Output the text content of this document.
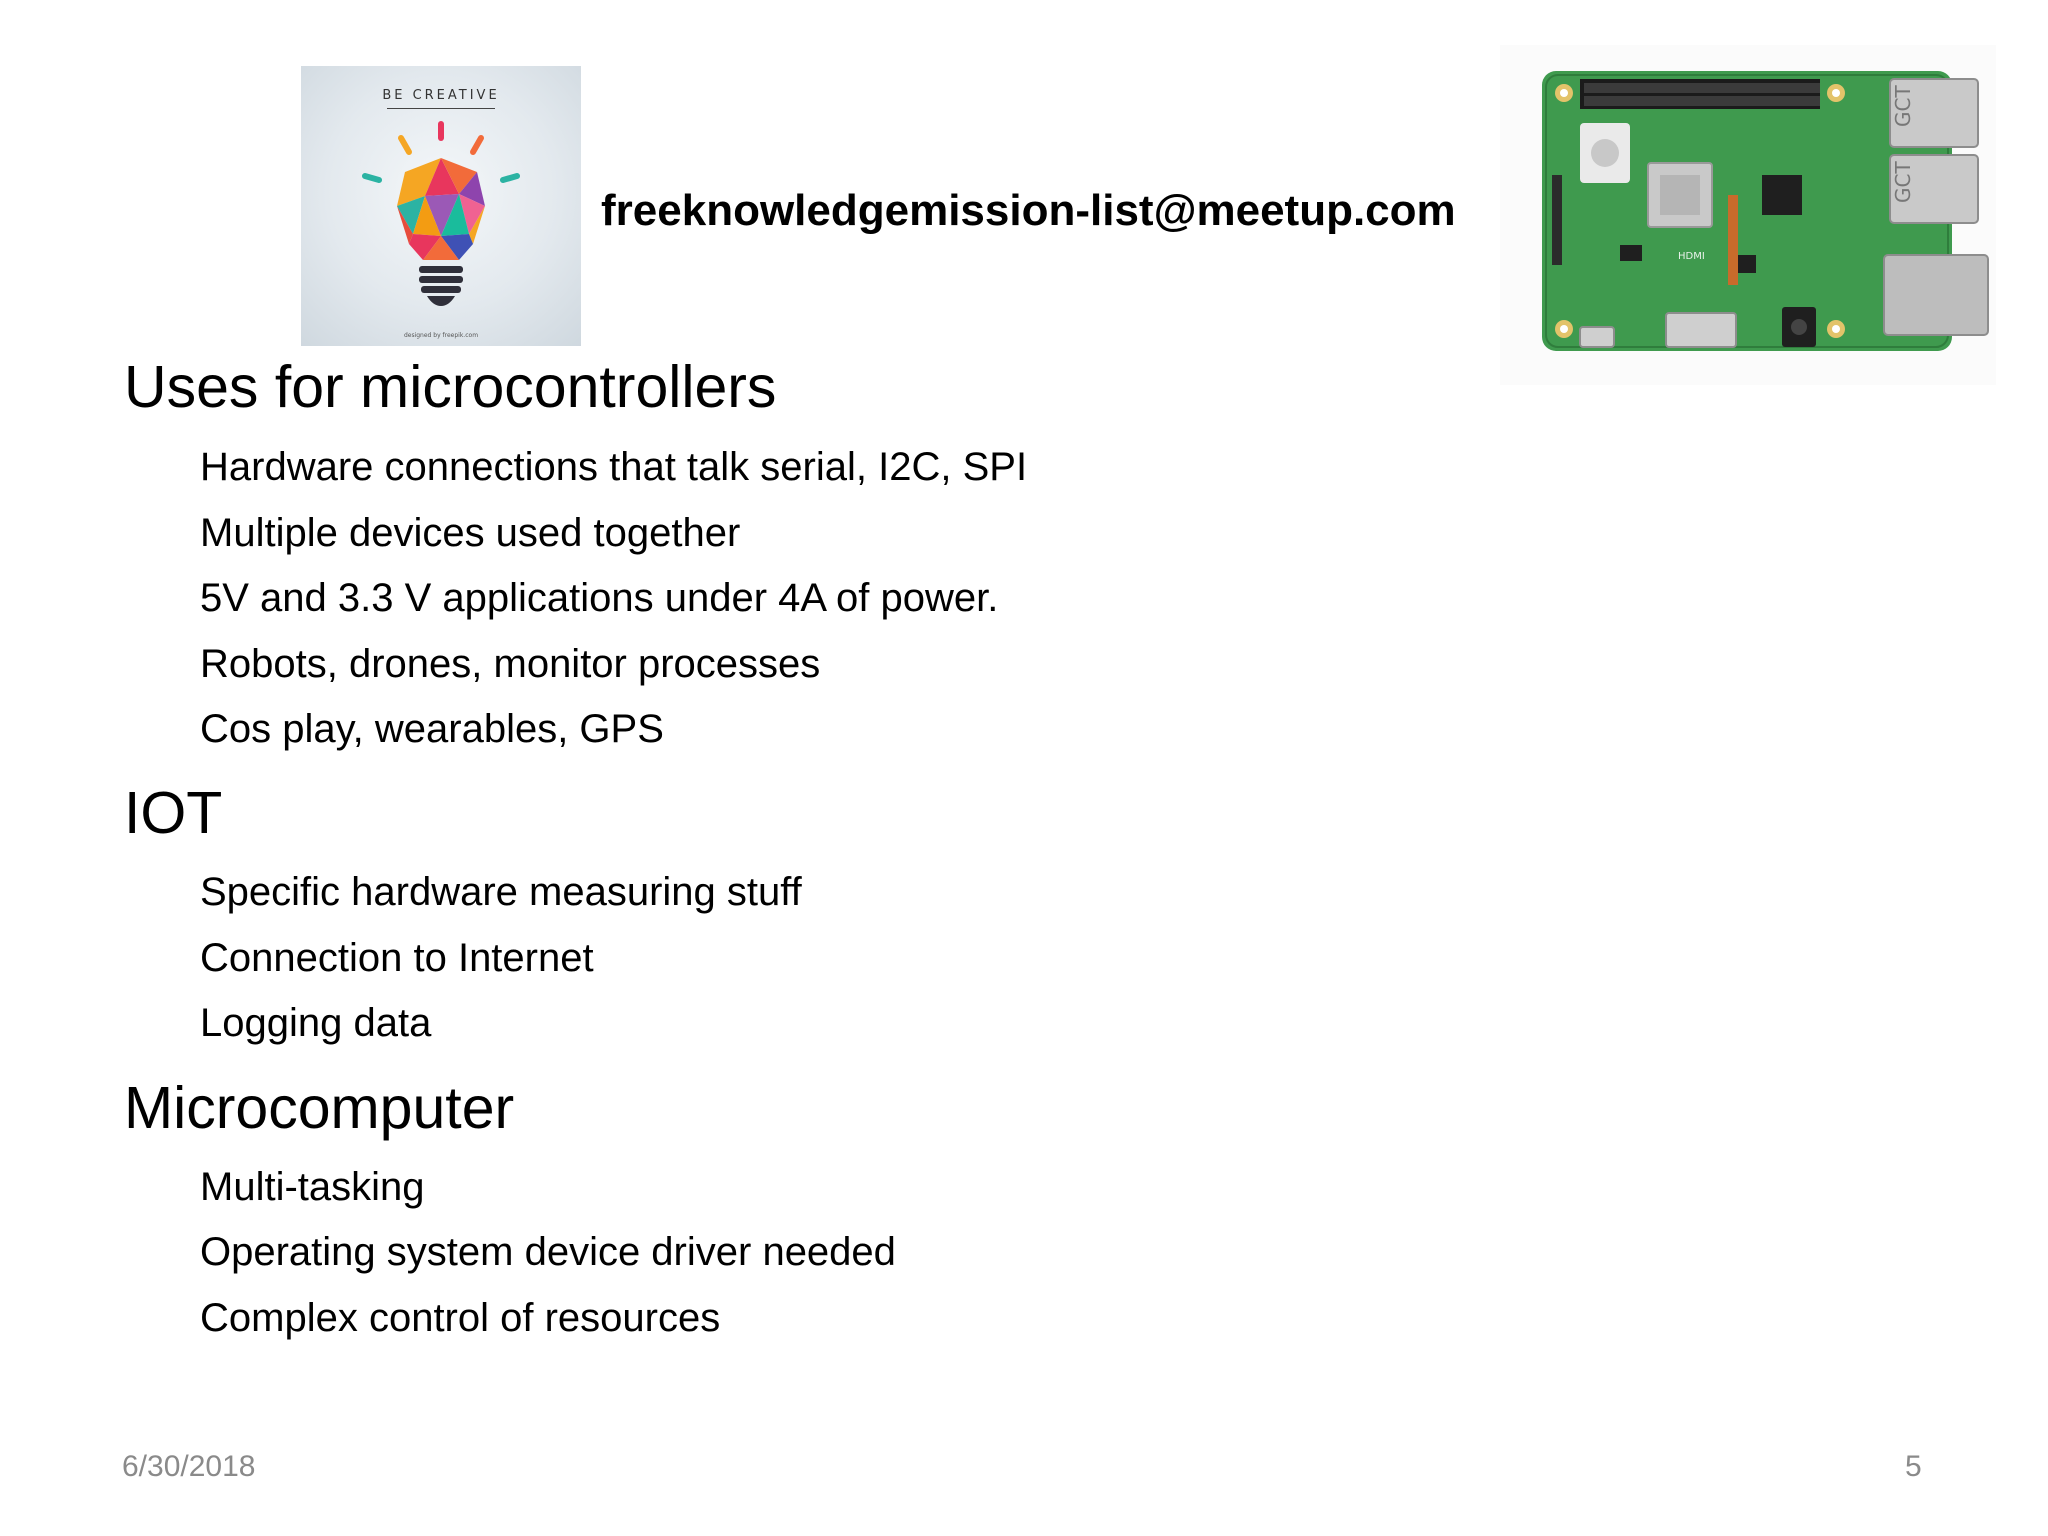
BE CREATIVE
designed by freepik.com
freeknowledgemission-list@meetup.com
GCT
GCT
HDMI
Uses for microcontrollers
Hardware connections that talk serial, I2C, SPI
Multiple devices used together
5V and 3.3 V applications under 4A of power.
Robots, drones, monitor processes
Cos play, wearables, GPS
IOT
Specific hardware measuring stuff
Connection to Internet
Logging data
Microcomputer
Multi-tasking
Operating system device driver needed
Complex control of resources
6/30/2018	5
